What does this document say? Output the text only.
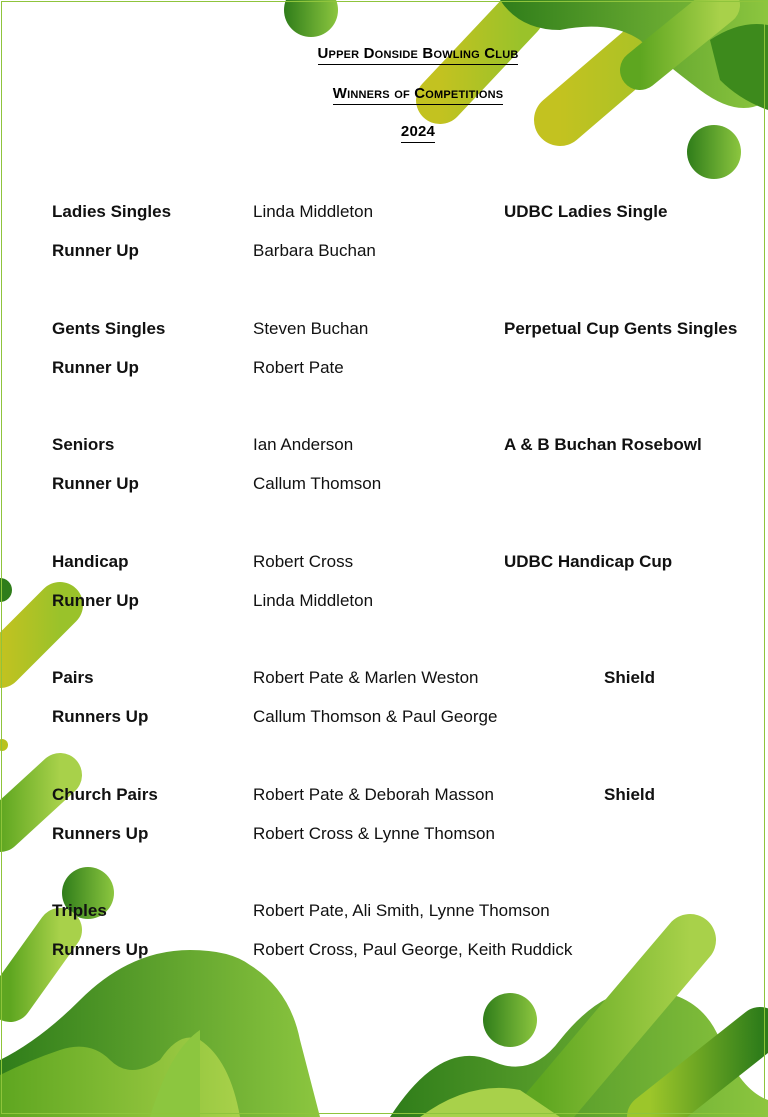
Upper Donside Bowling Club
Winners of Competitions
2024
Ladies Singles	Linda Middleton	UDBC Ladies Single
Runner Up	Barbara Buchan
Gents Singles	Steven Buchan	Perpetual Cup Gents Singles
Runner Up	Robert Pate
Seniors	Ian Anderson	A & B Buchan Rosebowl
Runner Up	Callum Thomson
Handicap	Robert Cross	UDBC Handicap Cup
Runner Up	Linda Middleton
Pairs	Robert Pate & Marlen Weston	Shield
Runners Up	Callum Thomson & Paul George
Church Pairs	Robert Pate & Deborah Masson	Shield
Runners Up	Robert Cross & Lynne Thomson
Triples	Robert Pate, Ali Smith, Lynne Thomson
Runners Up	Robert Cross, Paul George, Keith Ruddick
